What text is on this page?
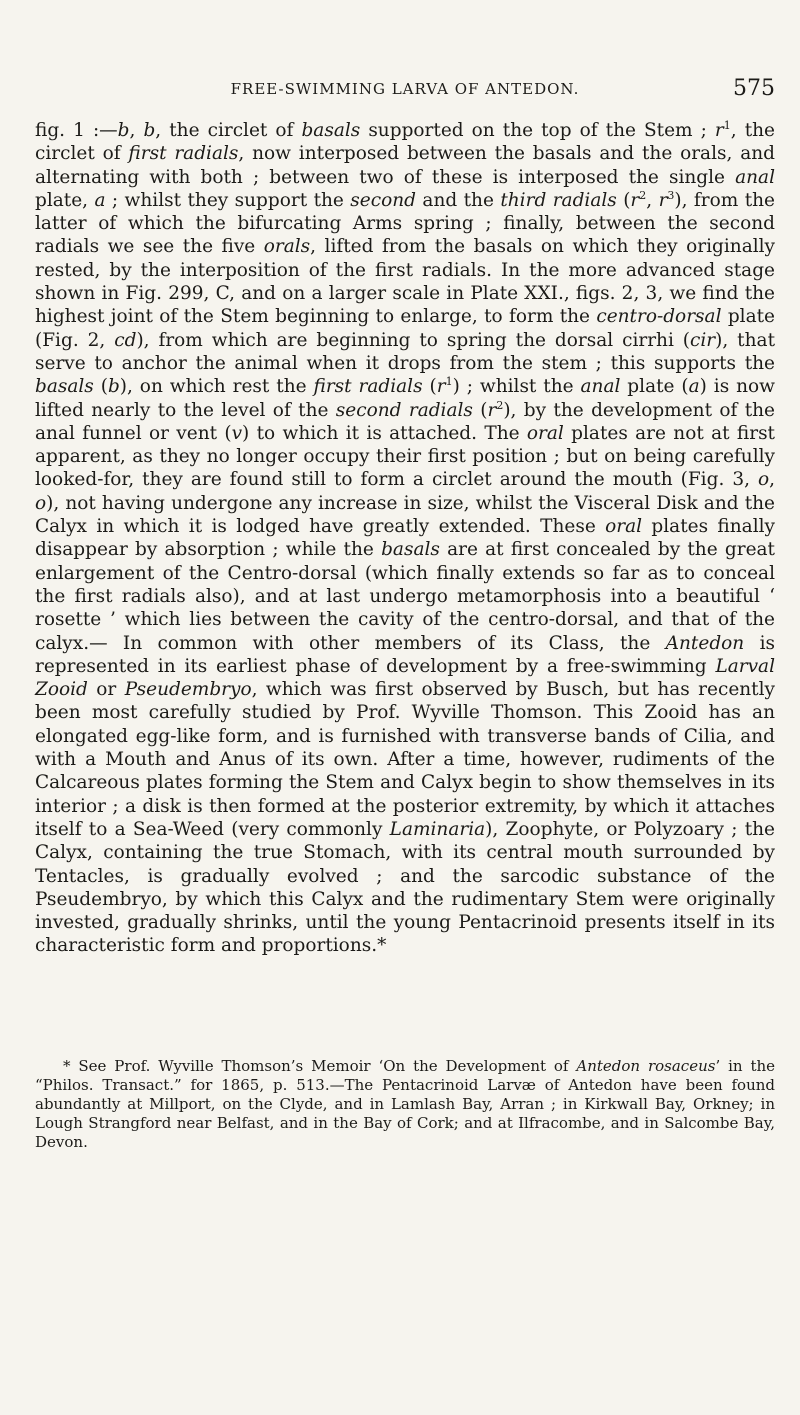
FREE-SWIMMING LARVA OF ANTEDON.	575

fig. 1 :—b, b, the circlet of basals supported on the top of the Stem ; $r^1$, the circlet of first radials, now interposed between the basals and the orals, and alternating with both ; between two of these is interposed the single anal plate, a ; whilst they support the second and the third radials ($r^2$, $r^3$), from the latter of which the bifurcating Arms spring ; finally, between the second radials we see the five orals, lifted from the basals on which they originally rested, by the interposition of the first radials. In the more advanced stage shown in Fig. 299, C, and on a larger scale in Plate XXI., figs. 2, 3, we find the highest joint of the Stem beginning to enlarge, to form the centro-dorsal plate (Fig. 2, cd), from which are beginning to spring the dorsal cirrhi (cir), that serve to anchor the animal when it drops from the stem ; this supports the basals (b), on which rest the first radials $(r^1)$ ; whilst the anal plate (a) is now lifted nearly to the level of the second radials $(r^2)$, by the development of the anal funnel or vent (v) to which it is attached. The oral plates are not at first apparent, as they no longer occupy their first position ; but on being carefully looked-for, they are found still to form a circlet around the mouth (Fig. 3, o, o), not having undergone any increase in size, whilst the Visceral Disk and the Calyx in which it is lodged have greatly extended. These oral plates finally disappear by absorption ; while the basals are at first concealed by the great enlargement of the Centro-dorsal (which finally extends so far as to conceal the first radials also), and at last undergo metamorphosis into a beautiful ‘ rosette ’ which lies between the cavity of the centro-dorsal, and that of the calyx.— In common with other members of its Class, the Antedon is represented in its earliest phase of development by a free-swimming Larval Zooid or Pseudembryo, which was first observed by Busch, but has recently been most carefully studied by Prof. Wyville Thomson. This Zooid has an elongated egg-like form, and is furnished with transverse bands of Cilia, and with a Mouth and Anus of its own. After a time, however, rudiments of the Calcareous plates forming the Stem and Calyx begin to show themselves in its interior ; a disk is then formed at the posterior extremity, by which it attaches itself to a Sea-Weed (very commonly Laminaria), Zoophyte, or Polyzoary ; the Calyx, containing the true Stomach, with its central mouth surrounded by Tentacles, is gradually evolved ; and the sarcodic substance of the Pseudembryo, by which this Calyx and the rudimentary Stem were originally invested, gradually shrinks, until the young Pentacrinoid presents itself in its characteristic form and proportions.*

* See Prof. Wyville Thomson’s Memoir ‘On the Development of Antedon rosaceus’ in the “Philos. Transact.” for 1865, p. 513.—The Pentacrinoid Larvæ of Antedon have been found abundantly at Millport, on the Clyde, and in Lamlash Bay, Arran ; in Kirkwall Bay, Orkney; in Lough Strangford near Belfast, and in the Bay of Cork; and at Ilfracombe, and in Salcombe Bay, Devon.
